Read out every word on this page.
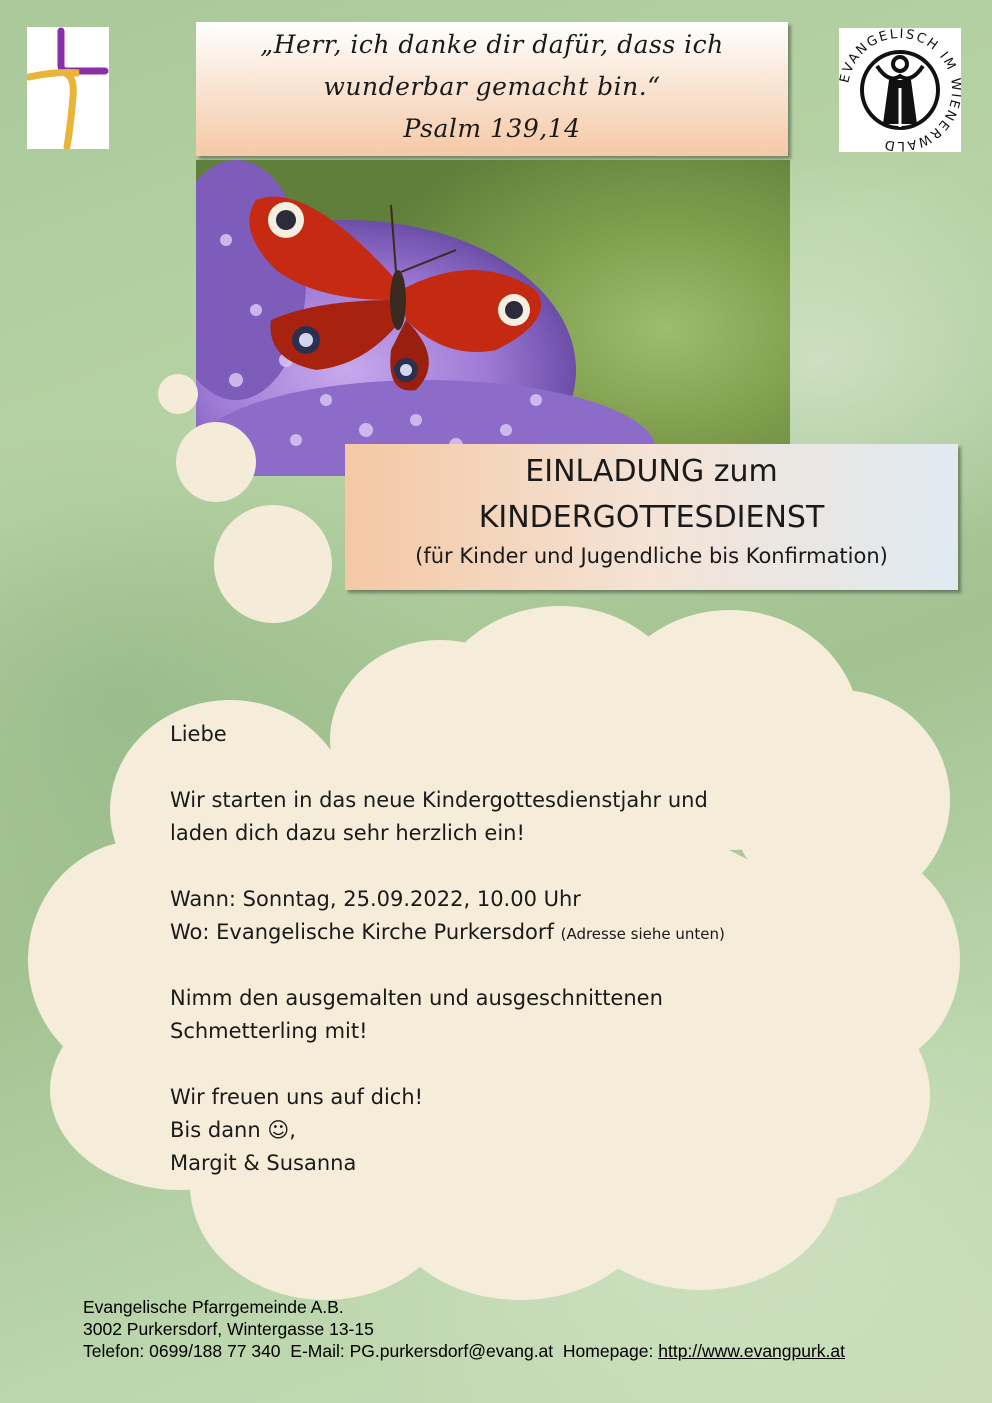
„Herr, ich danke dir dafür, dass ich
wunderbar gemacht bin.“
Psalm 139,14
EVANGELISCH IM ENERWALD
EINLADUNG zum
KINDERGOTTESDIENST
(für Kinder und Jugendliche bis Konfirmation)
Liebe
Wir starten in das neue Kindergottesdienstjahr und
laden dich dazu sehr herzlich ein!
Wann: Sonntag, 25.09.2022, 10.00 Uhr
Wo: Evangelische Kirche Purkersdorf (Adresse siehe unten)
Nimm den ausgemalten und ausgeschnittenen
Schmetterling mit!
Wir freuen uns auf dich!
Bis dann ☺,
Margit & Susanna
Evangelische Pfarrgemeinde A.B.
3002 Purkersdorf, Wintergasse 13-15
Telefon: 0699/188 77 340 E-Mail: PG.purkersdorf@evang.at Homepage: http://www.evangpurk.at
